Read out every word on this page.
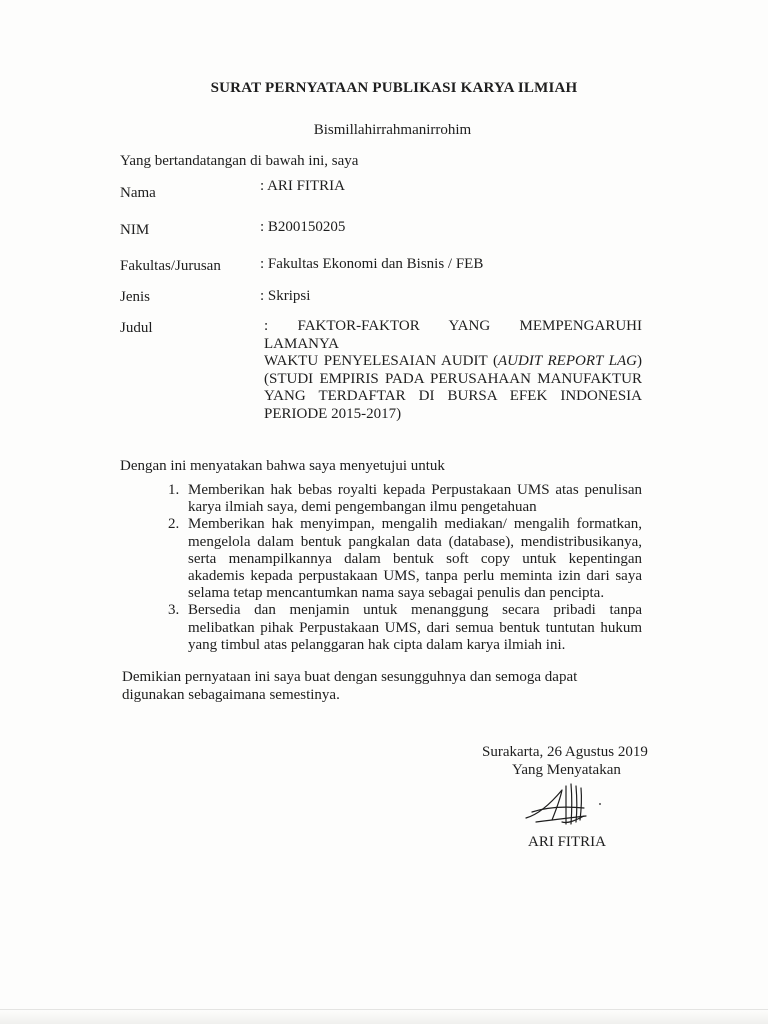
SURAT PERNYATAAN PUBLIKASI KARYA ILMIAH
Bismillahirrahmanirrohim
Yang bertandatangan di bawah ini, saya
Nama	: ARI FITRIA
NIM	: B200150205
Fakultas/Jurusan	: Fakultas Ekonomi dan Bisnis / FEB
Jenis	: Skripsi
Judul	: FAKTOR-FAKTOR YANG MEMPENGARUHI LAMANYA
WAKTU PENYELESAIAN AUDIT (AUDIT REPORT LAG)
(STUDI EMPIRIS PADA PERUSAHAAN MANUFAKTUR
YANG TERDAFTAR DI BURSA EFEK INDONESIA
PERIODE 2015-2017)
Dengan ini menyatakan bahwa saya menyetujui untuk
1. Memberikan hak bebas royalti kepada Perpustakaan UMS atas penulisan karya ilmiah saya, demi pengembangan ilmu pengetahuan
2. Memberikan hak menyimpan, mengalih mediakan/ mengalih formatkan, mengelola dalam bentuk pangkalan data (database), mendistribusikanya, serta menampilkannya dalam bentuk soft copy untuk kepentingan akademis kepada perpustakaan UMS, tanpa perlu meminta izin dari saya selama tetap mencantumkan nama saya sebagai penulis dan pencipta.
3. Bersedia dan menjamin untuk menanggung secara pribadi tanpa melibatkan pihak Perpustakaan UMS, dari semua bentuk tuntutan hukum yang timbul atas pelanggaran hak cipta dalam karya ilmiah ini.
Demikian pernyataan ini saya buat dengan sesungguhnya dan semoga dapat digunakan sebagaimana semestinya.
Surakarta, 26 Agustus 2019
Yang Menyatakan
ARI FITRIA
